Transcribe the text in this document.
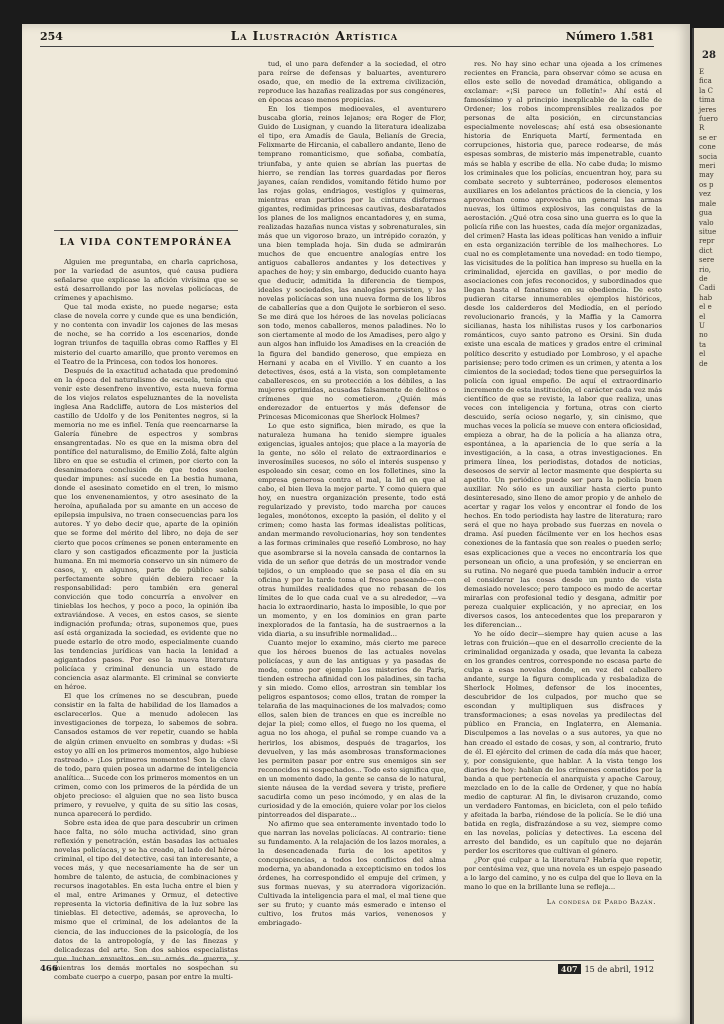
28
E
fica
la C
tima
jeres
fuero
R
se er
cone
socia
meri
may
os p
vez
male
gua
valo
situe
repr
dict
sere
rio,
de
Cadi
hab
el e
el
U
no
ta
el
de
254	La Ilustración Artística	Número 1.581
LA VIDA CONTEMPORÁNEA

Alguien me preguntaba, en charla caprichosa, por la variedad de asuntos, qué causa pudiera señalarse que explicase la afición vivísima que se está desarrollando por las novelas policíacas, de crímenes y apachismo.

Que tal moda existe, no puede negarse; esta clase de novela corre y cunde que es una bendición, y no contenta con invadir los cajones de las mesas de noche, se ha corrido a los escenarios, donde logran triunfos de taquilla obras como Raffles y El misterio del cuarto amarillo, que pronto veremos en el Teatro de la Princesa, con todos los honores.

Después de la exactitud achatada que predominó en la época del naturalismo de escuela, tenía que venir este desenfreno inventivo, esta nueva forma de los viejos relatos espeluznantes de la novelista inglesa Ana Radcliffe, autora de Los misterios del castillo de Udolfo y de los Penitentes negros, si la memoria no me es infiel. Tenía que reencarnarse la Galería fúnebre de espectros y sombras ensangrentadas. No es que en la misma obra del pontífice del naturalismo, de Emilio Zolá, falte algún libro en que se estudia el crimen, por cierto con la desanimadora conclusión de que todos suelen quedar impunes: así sucede en La bestia humana, donde el asesinato cometido en el tren, lo mismo que los envenenamientos, y otro asesinato de la heroína, apuñalada por su amante en un acceso de epilepsia impulsiva, no traen consecuencias para los autores. Y yo debo decir que, aparte de la opinión que se forme del mérito del libro, no deja de ser cierto que pocos crímenes se ponen enteramente en claro y son castigados eficazmente por la justicia humana. En mi memoria conservo un sin número de casos, y, en algunos, parte de público sabía perfectamente sobre quién debiera recaer la responsabilidad: pero también era general convicción que todo concurría a envolver en tinieblas los hechos, y poco a poco, la opinión iba extraviándose. A veces, en estos casos, se siente indignación profunda; otras, suponemos que, pues así está organizada la sociedad, es evidente que no puede estarlo de otro modo, especialmente cuando las tendencias jurídicas van hacia la lenidad a agigantados pasos. Por eso la nueva literatura policíaca y criminal denuncia un estado de conciencia asaz alarmante. El criminal se convierte en héroe.

El que los crímenes no se descubran, puede consistir en la falta de habilidad de los llamados a esclarecerlos. Que a menudo adolecen las investigaciones de torpeza, lo sabemos de sobra. Cansados estamos de ver repetir, cuando se habla de algún crimen envuelto en sombras y dudas: «Si estoy yo allí en los primeros momentos, algo hubiese rastreado.» ¡Los primeros momentos! Son la clave de todo, para quien posea un adarme de inteligencia analítica... Sucede con los primeros momentos en un crimen, como con los primeros de la pérdida de un objeto precioso: el alguien que no sea listo busca primero, y revuelve, y quita de su sitio las cosas, nunca aparecerá lo perdido.

Sobre esta idea de que para descubrir un crimen hace falta, no sólo mucha actividad, sino gran reflexión y penetración, están basadas las actuales novelas policíacas, y se ha creado, al lado del héroe criminal, el tipo del detective, casi tan interesante, a veces más, y que necesariamente ha de ser un hombre de talento, de astucia, de combinaciones y recursos inagotables. En esta lucha entre el bien y el mal, entre Arimanes y Ormuz, el detective representa la victoria definitiva de la luz sobre las tinieblas. El detective, además, se aprovecha, lo mismo que el criminal, de los adelantos de la ciencia, de las inducciones de la psicología, de los datos de la antropología, y de las finezas y delicadezas del arte. Son dos sabios especialistas que luchan envueltos en su arnés de guerra, y mientras los demás mortales no sospechan su combate cuerpo a cuerpo, pasan por entre la multi-

tud, el uno para defender a la sociedad, el otro para reírse de defensas y baluartes, aventurero osado, que, en medio de la extrema civilización, reproduce las hazañas realizadas por sus congéneres, en épocas acaso menos propicias.

En los tiempos medioevales, el aventurero buscaba gloria, reinos lejanos; era Roger de Flor, Guido de Lusignan, y cuando la literatura idealizaba el tipo, era Amadís de Gaula, Belianís de Grecia, Felixmarte de Hircania, el caballero andante, lleno de temprano romanticismo, que soñaba, combatía, triunfaba, y ante quien se abrían las puertas de hierro, se rendían las torres guardadas por fieros jayanes, caían rendidos, vomitando fétido humo por las rojas golas, endriagos, vestiglos y quimeras, mientras eran partidos por la cintura disformes gigantes, redimidas princesas cautivas, desbaratados los planes de los malignos encantadores y, en suma, realizadas hazañas nunca vistas y sobrenaturales, sin más que un vigoroso brazo, un intrépido corazón, y una bien templada hoja. Sin duda se admirarán muchos de que encuentre analogías entre los antiguos caballeros andantes y los detectives y apaches de hoy; y sin embargo, deducido cuanto haya que deducir, admitida la diferencia de tiempos, ideales y sociedades, las analogías persisten, y las novelas policíacas son una nueva forma de los libros de caballerías que a don Quijote le sorbieron el seso. Se me dirá que los héroes de las novelas policíacas son todo, menos caballeros, menos paladines. No lo son ciertamente al modo de los Amadises, pero algo y aun algos han influido los Amadises en la creación de la figura del bandido generoso, que empieza en Hernani y acaba en el Vivillo. Y en cuanto a los detectives, ésos, está a la vista, son completamente caballerescos, en su protección a los débiles, a las mujeres oprimidas, acusadas falsamente de delitos o crímenes que no cometieron. ¿Quién más enderezador de entuertos y más defensor de Princesas Micomiconas que Sherlock Holmes?

Lo que esto significa, bien mirado, es que la naturaleza humana ha tenido siempre iguales exigencias, iguales antojos; que place a la mayoría de la gente, no sólo el relato de extraordinarios e inverosímiles sucesos, no sólo el interés suspenso y espoleado sin cesar, como en los folletines, sino la empresa generosa contra el mal, la lid en que al cabo, el bien lleva la mejor parte. Y como quiera que hoy, en nuestra organización presente, todo está regularizado y previsto, todo marcha por cauces legales, monótonos, excepto la pasión, el delito y el crimen; como hasta las formas idealistas políticas, andan mermando revolucionarias, hoy son tendentes a las formas criminales que reseñó Lombroso, no hay que asombrarse si la novela cansada de contarnos la vida de un señor que detrás de un mostrador vende tejidos, o un empleado que se pasa el día en su oficina y por la tarde toma el fresco paseando—con otras humildes realidades que no rebasan de los límites de lo que cada cual ve a su alrededor, —va hacia lo extraordinario, hasta lo imposible, lo que por un momento, y en los dominios en gran parte inexplorados de la fantasía, ha de sustraernos a la vida diaria, a su insufrible normalidad...

Cuanto mejor lo examino, más cierto me parece que los héroes buenos de las actuales novelas policíacas, y aun de las antiguas y ya pasadas de moda, como por ejemplo Los misterios de París, tienden estrecha afinidad con los paladines, sin tacha y sin miedo. Como ellos, arrostran sin temblar los peligros espantosos; como ellos, tratan de romper la telaraña de las maquinaciones de los malvados; como ellos, salen bien de trances en que es increíble no dejar la piel; como ellos, el fuego no los quema, el agua no los ahoga, el puñal se rompe cuando va a herirlos, los abismos, después de tragarlos, los devuelven, y las más asombrosas transformaciones les permiten pasar por entre sus enemigos sin ser reconocidos ni sospechados... Todo esto significa que, en un momento dado, la gente se cansa de lo natural, siente náusea de la verdad severa y triste, prefiere sacudirla como un peso incómodo, y en alas de la curiosidad y de la emoción, quiere volar por los cielos pintorreados del disparate...

No afirmo que sea enteramente inventado todo lo que narran las novelas policíacas. Al contrario: tiene su fundamento. A la relajación de los lazos morales, a la desencadenada furia de los apetitos y concupiscencias, a todos los conflictos del alma moderna, ya abandonada a excepticismo en todos los órdenes, ha correspondido el empuje del crimen, y sus formas nuevas, y su aterradora vigorización. Cultivada la inteligencia para el mal, el mal tiene que ser su fruto; y cuanto más esmerado e intenso el cultivo, los frutos más varios, venenosos y embriagado-

res. No hay sino echar una ojeada a los crímenes recientes en Francia, para observar cómo se acusa en ellos este sello de novedad dramática, obligando a exclamar: «¡Si parece un folletín!» Ahí está el famosísimo y al principio inexplicable de la calle de Ordener; los robos incomprensibles realizados por personas de alta posición, en circunstancias especialmente novelescas; ahí está esa obsesionante historia de Enriqueta Martí, fermentada en corrupciones, historia que, parece rodearse, de más espesas sombras, de misterio más impenetrable, cuanto más se habla y escribe de ella. No cabe duda; lo mismo los criminales que los policías, encuentran hoy, para su combate secreto y subterráneo, poderosos elementos auxiliares en los adelantos prácticos de la ciencia, y los aprovechan como aprovecha un general las armas nuevas, los últimos explosivos, las conquistas de la aerostación. ¿Qué otra cosa sino una guerra es lo que la policía riñe con las huestes, cada día mejor organizadas, del crimen? Hasta las ideas políticas han venido a influir en esta organización terrible de los malhechores. Lo cual no es completamente una novedad: en todo tiempo, las vicisitudes de la política han impreso su huella en la criminalidad, ejercida en gavillas, o por medio de asociaciones con jefes reconocidos, y subordinados que llegan hasta el fanatismo en su obediencia. De esto pudieran citarse innumerables ejemplos históricos, desde los calderderos del Mediodía, en el período revolucionario francés, y la Maffia y la Camorra sicilianas, hasta los nihilistas rusos y los carbonarios románticos, cuyo santo patrono es Orsini. Sin duda existe una escala de matices y grados entre el criminal político descrito y estudiado por Lombroso, y el apache parisiense; pero todo crimen es un crimen, y atenta a los cimientos de la sociedad; todos tiene que perseguirlos la policía con igual empeño. De aquí el extraordinario incremento de esta institución, el carácter cada vez más científico de que se reviste, la labor que realiza, unas veces con inteligencia y fortuna, otras con cierto descuido, sería ocioso negarlo, y, sin cinismo, que muchas veces la policía se mueve con entera oficiosidad, empieza a obrar, ha de la policía a ha alianza otra, espontánea, a la apariencia de lo que sería a la investigación, a la casa, a otras investigaciones. En primera línea, los periodistas, dotados de noticias, deseosos de servir al lector masmente que despierta su apetito. Un periódico puede ser para la policía buen auxiliar. No sólo es un auxiliar hasta cierto punto desinteresado, sino lleno de amor propio y de anhelo de acertar y ragar los velos y encontrar el fondo de los hechos. En todo periodista hay lastre de literatura; raro será el que no haya probado sus fuerzas en novela o drama. Así pueden fácilmente ver en los hechos esas conexiones de la fantasía que son reales o pueden serlo; esas explicaciones que a veces no encontraría los que personean un oficio, a una profesión, y se encierran en su rutina. No negaré que pueda también inducir a error el considerar las cosas desde un punto de vista demasiado novelesco; pero tampoco es modo de acertar mirarlas con profesional tedio y desgana, admitir por pereza cualquier explicación, y no apreciar, en los diversos casos, los antecedentes que los prepararon y les diferencian...

Yo he oído decir—siempre hay quien acuse a las letras con fruición—que en el desarrollo creciente de la criminalidad organizada y osada, que levanta la cabeza en los grandes centros, corresponde no escasa parte de culpa a esas novelas donde, en vez del caballero andante, surge la figura complicada y resbaladiza de Sherlock Holmes, defensor de los inocentes, descubridor de los culpados, por mucho que se escondan y multipliquen sus disfraces y transformaciones; a esas novelas ya predilectas del público en Francia, en Inglaterra, en Alemania. Disculpemos a las novelas o a sus autores, ya que no han creado el estado de cosas, y son, al contrario, fruto de él. El ejército del crimen de cada día más que hacer, y, por consiguiente, que hablar. A la vista tengo los diarios de hoy: hablan de los crímenes cometidos por la banda a que pertenecía el anarquista y apache Carouy, mezclado en lo de la calle de Ordener, y que no había medio de capturar. Al fin, le divisaron cruzando, como un verdadero Fantomas, en bicicleta, con el pelo teñido y afeitada la barba, riéndose de la policía. Se le dió una batida en regla, disfrazándose a su vez, siempre como en las novelas, policías y detectives. La escena del arresto del bandido, es un capítulo que no dejarán perder los escritores que cultivan el género.

¿Por qué culpar a la literatura? Habría que repetir, por centésima vez, que una novela es un espejo paseado a lo largo del camino, y no es culpa del que lo lleva en la mano lo que en la brillante luna se refleja...

La condesa de Pardo Bazán.
466	407 15 de abril, 1912
